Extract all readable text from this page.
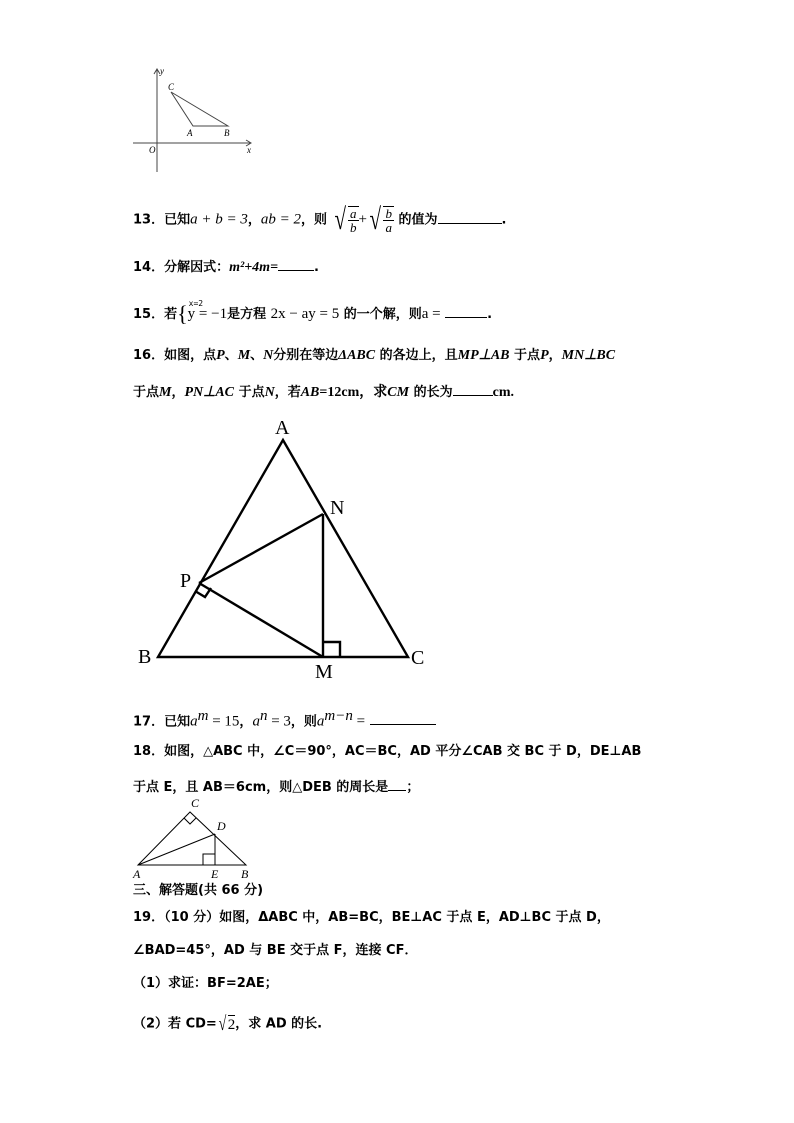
y
C
A	B
O	x
13．已知a + b = 3，ab = 2，则 √ $\frac{a}{b}$ + √ $\frac{b}{a}$ 的值为	.
14．分解因式：m²+4m=	.
15．若{ x=2
y = −1是方程 2x − ay = 5 的一个解，则a =	.
16．如图，点P、M、N分别在等边ΔABC 的各边上，且MP⊥AB 于点P，MN⊥BC
于点M，PN⊥AC 于点N，若AB=12cm，求CM 的长为	cm.
A
N
P
B	C
M
17．已知$a^m = 15$，$a^n = 3$，则$a^{m-n}$ =
18．如图，△ABC 中，∠C＝90°，AC＝BC，AD 平分∠CAB 交 BC 于 D，DE⊥AB
于点 E，且 AB＝6cm，则△DEB 的周长是 ；
C
D
A	E B
三、解答题(共 66 分)
19．（10 分）如图，ΔABC 中，AB=BC，BE⊥AC 于点 E，AD⊥BC 于点 D，
∠BAD=45°，AD 与 BE 交于点 F，连接 CF．
（1）求证：BF=2AE；
（2）若 CD= √ 2 ，求 AD 的长.
